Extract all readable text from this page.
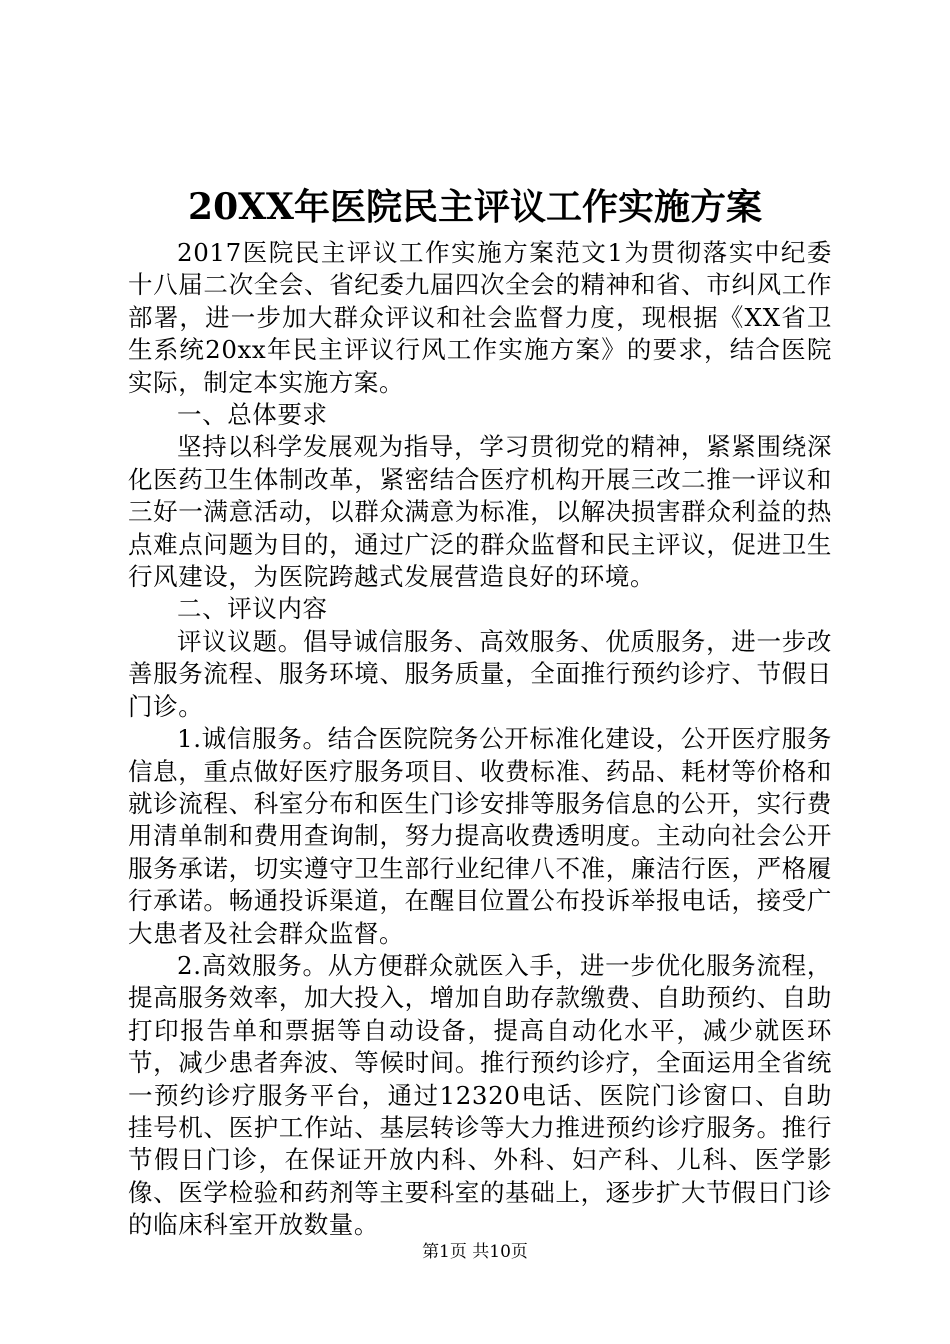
20XX年医院民主评议工作实施方案

2017医院民主评议工作实施方案范文1为贯彻落实中纪委十八届二次全会、省纪委九届四次全会的精神和省、市纠风工作部署，进一步加大群众评议和社会监督力度，现根据《XX省卫生系统20xx年民主评议行风工作实施方案》的要求，结合医院实际，制定本实施方案。

一、总体要求

坚持以科学发展观为指导，学习贯彻党的精神，紧紧围绕深化医药卫生体制改革，紧密结合医疗机构开展三改二推一评议和三好一满意活动，以群众满意为标准，以解决损害群众利益的热点难点问题为目的，通过广泛的群众监督和民主评议，促进卫生行风建设，为医院跨越式发展营造良好的环境。

二、评议内容

评议议题。倡导诚信服务、高效服务、优质服务，进一步改善服务流程、服务环境、服务质量，全面推行预约诊疗、节假日门诊。

1.诚信服务。结合医院院务公开标准化建设，公开医疗服务信息，重点做好医疗服务项目、收费标准、药品、耗材等价格和就诊流程、科室分布和医生门诊安排等服务信息的公开，实行费用清单制和费用查询制，努力提高收费透明度。主动向社会公开服务承诺，切实遵守卫生部行业纪律八不准，廉洁行医，严格履行承诺。畅通投诉渠道，在醒目位置公布投诉举报电话，接受广大患者及社会群众监督。

2.高效服务。从方便群众就医入手，进一步优化服务流程，提高服务效率，加大投入，增加自助存款缴费、自助预约、自助打印报告单和票据等自动设备，提高自动化水平，减少就医环节，减少患者奔波、等候时间。推行预约诊疗，全面运用全省统一预约诊疗服务平台，通过12320电话、医院门诊窗口、自助挂号机、医护工作站、基层转诊等大力推进预约诊疗服务。推行节假日门诊，在保证开放内科、外科、妇产科、儿科、医学影像、医学检验和药剂等主要科室的基础上，逐步扩大节假日门诊的临床科室开放数量。

第1页 共10页
